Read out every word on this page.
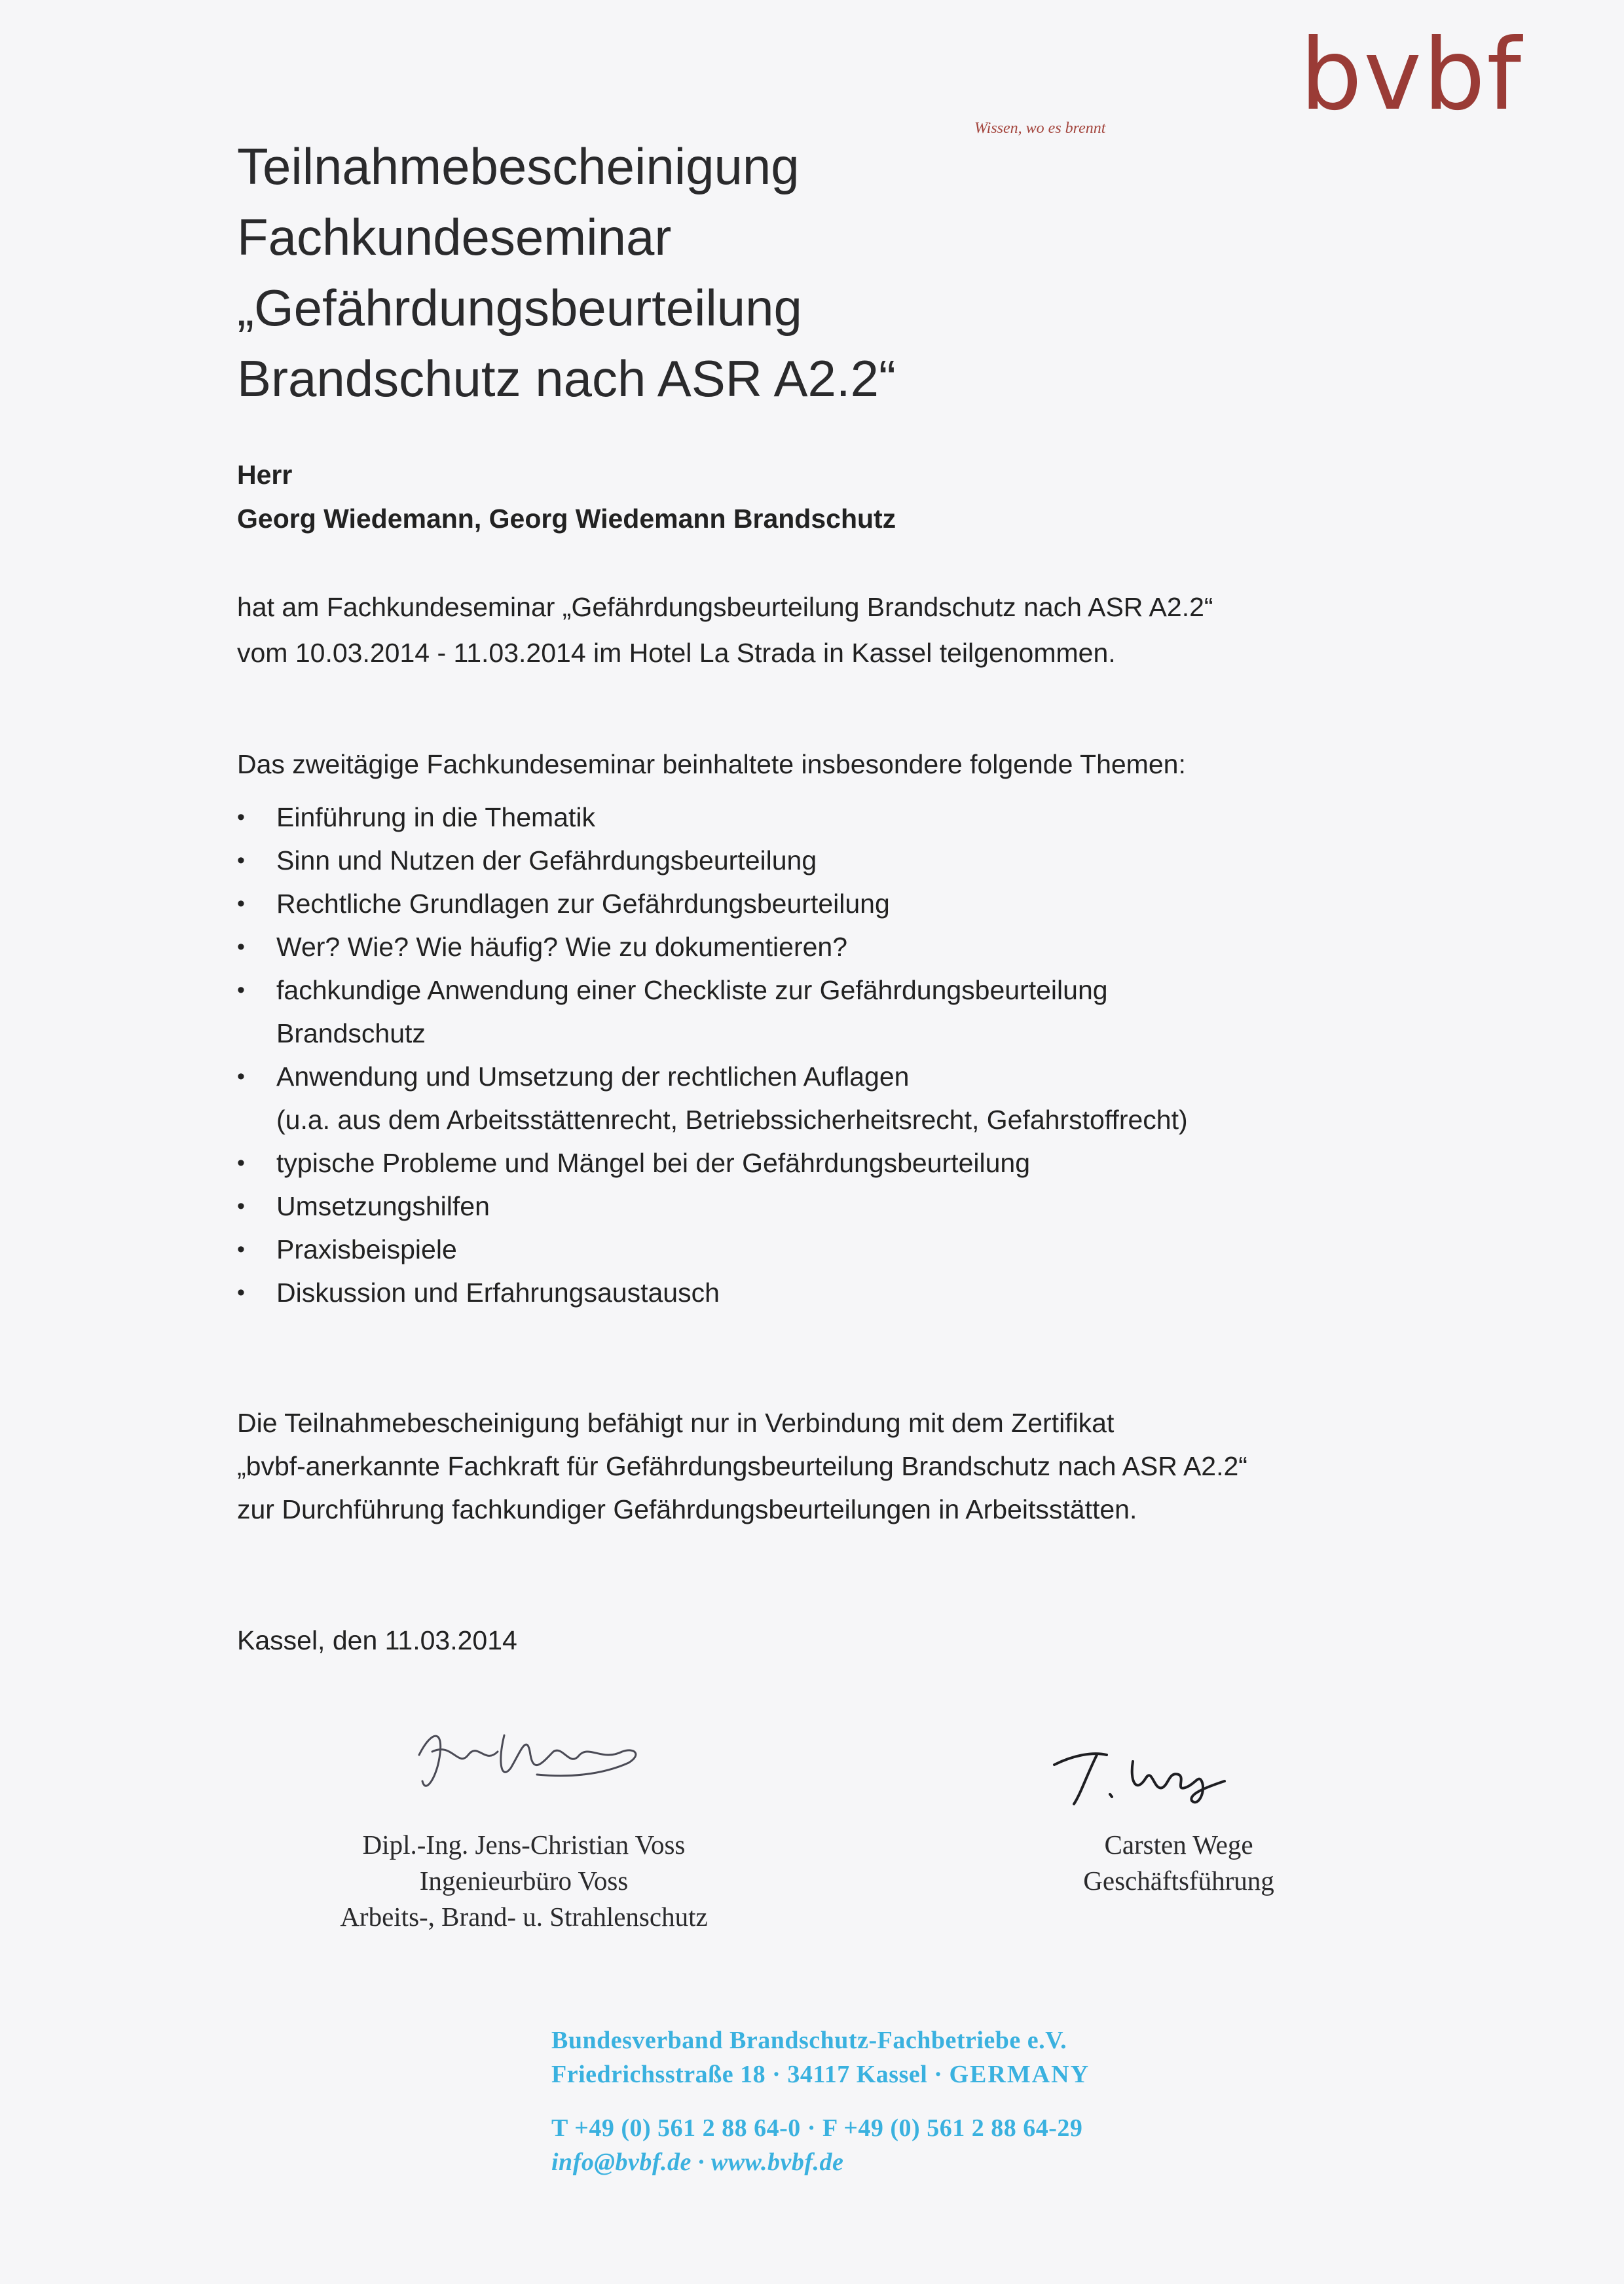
bvbf
Wissen, wo es brennt
Teilnahmebescheinigung
Fachkundeseminar
„Gefährdungsbeurteilung
Brandschutz nach ASR A2.2“
Herr
Georg Wiedemann, Georg Wiedemann Brandschutz
hat am Fachkundeseminar „Gefährdungsbeurteilung Brandschutz nach ASR A2.2“
vom 10.03.2014 - 11.03.2014 im Hotel La Strada in Kassel teilgenommen.
Das zweitägige Fachkundeseminar beinhaltete insbesondere folgende Themen:
• Einführung in die Thematik
• Sinn und Nutzen der Gefährdungsbeurteilung
• Rechtliche Grundlagen zur Gefährdungsbeurteilung
• Wer? Wie? Wie häufig? Wie zu dokumentieren?
• fachkundige Anwendung einer Checkliste zur Gefährdungsbeurteilung
Brandschutz
• Anwendung und Umsetzung der rechtlichen Auflagen
(u.a. aus dem Arbeitsstättenrecht, Betriebssicherheitsrecht, Gefahrstoffrecht)
• typische Probleme und Mängel bei der Gefährdungsbeurteilung
• Umsetzungshilfen
• Praxisbeispiele
• Diskussion und Erfahrungsaustausch
Die Teilnahmebescheinigung befähigt nur in Verbindung mit dem Zertifikat
„bvbf-anerkannte Fachkraft für Gefährdungsbeurteilung Brandschutz nach ASR A2.2“
zur Durchführung fachkundiger Gefährdungsbeurteilungen in Arbeitsstätten.
Kassel, den 11.03.2014
Dipl.-Ing. Jens-Christian Voss
Ingenieurbüro Voss
Arbeits-, Brand- u. Strahlenschutz
Carsten Wege
Geschäftsführung
Bundesverband Brandschutz-Fachbetriebe e.V.
Friedrichsstraße 18 · 34117 Kassel · GERMANY
T +49 (0) 561 2 88 64-0 · F +49 (0) 561 2 88 64-29
info@bvbf.de · www.bvbf.de
